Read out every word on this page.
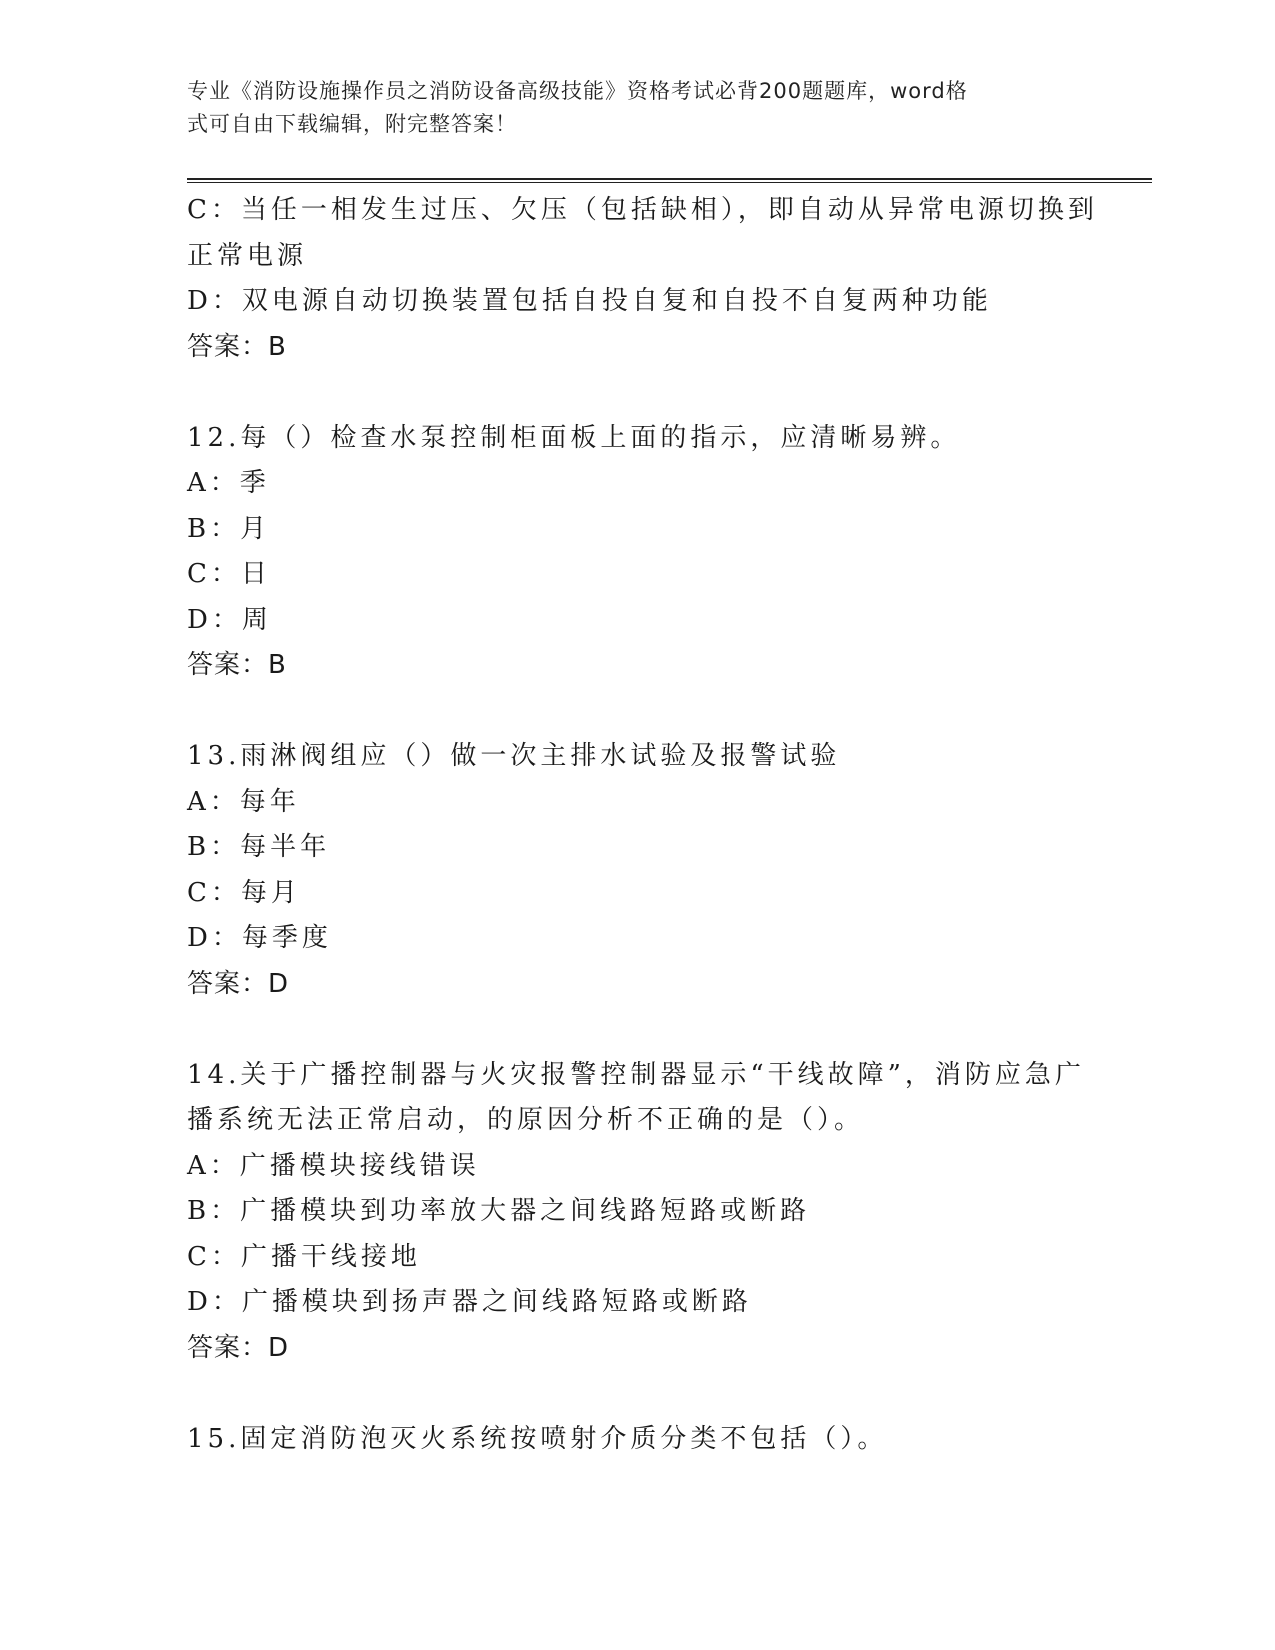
专业《消防设施操作员之消防设备高级技能》资格考试必背200题题库，word格
式可自由下载编辑，附完整答案！
C：当任一相发生过压、欠压（包括缺相），即自动从异常电源切换到
正常电源
D：双电源自动切换装置包括自投自复和自投不自复两种功能
答案：B
12.每（）检查水泵控制柜面板上面的指示，应清晰易辨。
A：季
B：月
C：日
D：周
答案：B
13.雨淋阀组应（）做一次主排水试验及报警试验
A：每年
B：每半年
C：每月
D：每季度
答案：D
14.关于广播控制器与火灾报警控制器显示“干线故障”，消防应急广
播系统无法正常启动，的原因分析不正确的是（）。
A：广播模块接线错误
B：广播模块到功率放大器之间线路短路或断路
C：广播干线接地
D：广播模块到扬声器之间线路短路或断路
答案：D
15.固定消防泡灭火系统按喷射介质分类不包括（）。
